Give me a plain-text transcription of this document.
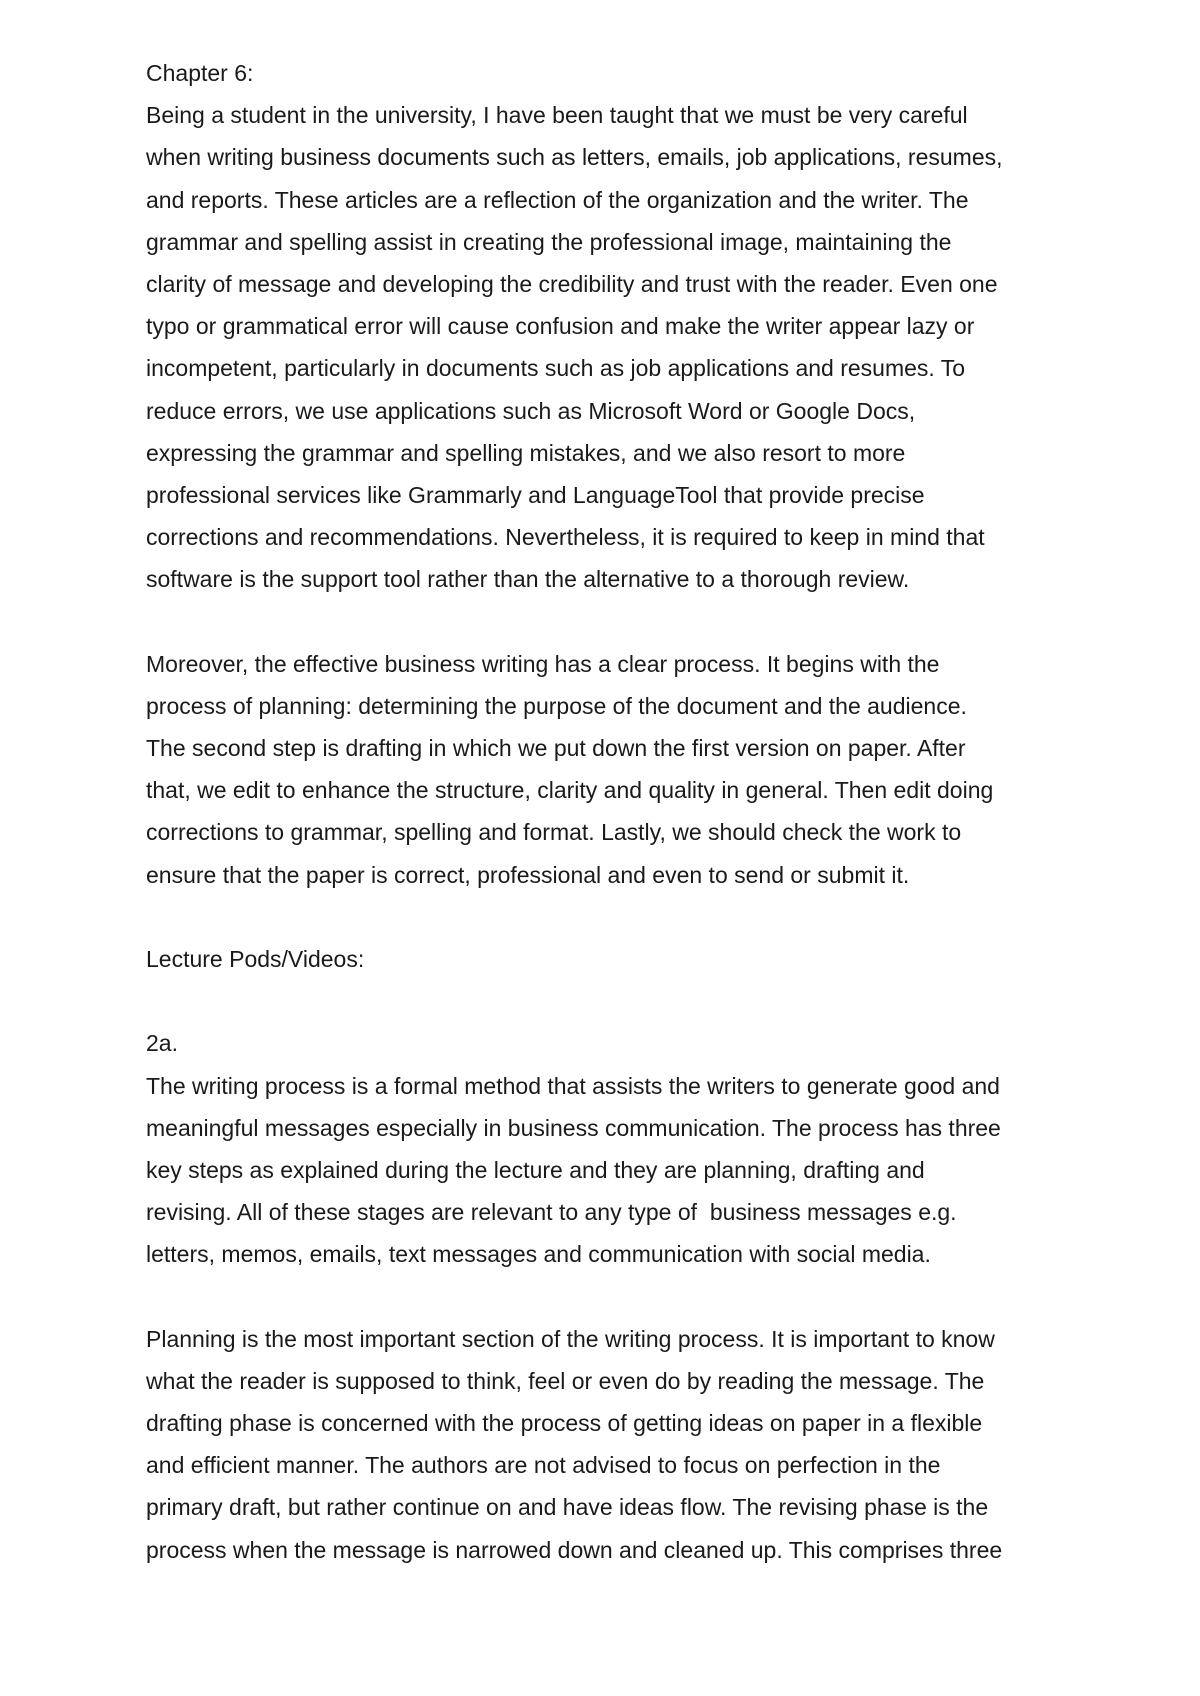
Chapter 6:
Being a student in the university, I have been taught that we must be very careful
when writing business documents such as letters, emails, job applications, resumes,
and reports. These articles are a reflection of the organization and the writer. The
grammar and spelling assist in creating the professional image, maintaining the
clarity of message and developing the credibility and trust with the reader. Even one
typo or grammatical error will cause confusion and make the writer appear lazy or
incompetent, particularly in documents such as job applications and resumes. To
reduce errors, we use applications such as Microsoft Word or Google Docs,
expressing the grammar and spelling mistakes, and we also resort to more
professional services like Grammarly and LanguageTool that provide precise
corrections and recommendations. Nevertheless, it is required to keep in mind that
software is the support tool rather than the alternative to a thorough review.
Moreover, the effective business writing has a clear process. It begins with the
process of planning: determining the purpose of the document and the audience.
The second step is drafting in which we put down the first version on paper. After
that, we edit to enhance the structure, clarity and quality in general. Then edit doing
corrections to grammar, spelling and format. Lastly, we should check the work to
ensure that the paper is correct, professional and even to send or submit it.
Lecture Pods/Videos:
2a.
The writing process is a formal method that assists the writers to generate good and
meaningful messages especially in business communication. The process has three
key steps as explained during the lecture and they are planning, drafting and
revising. All of these stages are relevant to any type of  business messages e.g.
letters, memos, emails, text messages and communication with social media.
Planning is the most important section of the writing process. It is important to know
what the reader is supposed to think, feel or even do by reading the message. The
drafting phase is concerned with the process of getting ideas on paper in a flexible
and efficient manner. The authors are not advised to focus on perfection in the
primary draft, but rather continue on and have ideas flow. The revising phase is the
process when the message is narrowed down and cleaned up. This comprises three
